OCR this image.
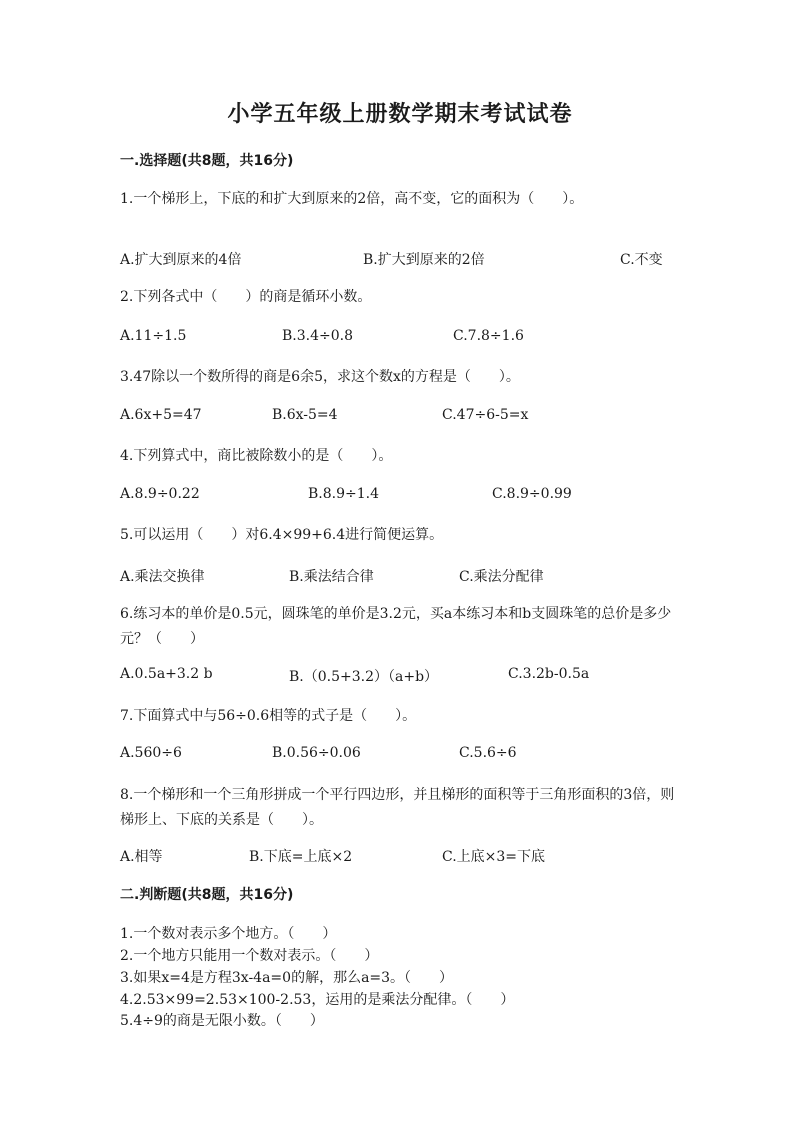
小学五年级上册数学期末考试试卷
一.选择题(共8题，共16分)
1.一个梯形上，下底的和扩大到原来的2倍，高不变，它的面积为（　　）。
A.扩大到原来的4倍	B.扩大到原来的2倍	C.不变
2.下列各式中（　　）的商是循环小数。
A.11÷1.5	B.3.4÷0.8	C.7.8÷1.6
3.47除以一个数所得的商是6余5，求这个数x的方程是（　　）。
A.6x+5=47	B.6x-5=4	C.47÷6-5=x
4.下列算式中，商比被除数小的是（　　）。
A.8.9÷0.22	B.8.9÷1.4	C.8.9÷0.99
5.可以运用（　　）对6.4×99+6.4进行简便运算。
A.乘法交换律	B.乘法结合律	C.乘法分配律
6.练习本的单价是0.5元，圆珠笔的单价是3.2元，买a本练习本和b支圆珠笔的总价是多少元？（　　）
A.0.5a+3.2 b	B.（0.5+3.2）（a+b）	C.3.2b-0.5a
7.下面算式中与56÷0.6相等的式子是（　　）。
A.560÷6	B.0.56÷0.06	C.5.6÷6
8.一个梯形和一个三角形拼成一个平行四边形，并且梯形的面积等于三角形面积的3倍，则梯形上、下底的关系是（　　）。
A.相等	B.下底=上底×2	C.上底×3=下底
二.判断题(共8题，共16分)
1.一个数对表示多个地方。（　　）
2.一个地方只能用一个数对表示。（　　）
3.如果x=4是方程3x-4a=0的解，那么a=3。（　　）
4.2.53×99=2.53×100-2.53，运用的是乘法分配律。（　　）
5.4÷9的商是无限小数。（　　）
